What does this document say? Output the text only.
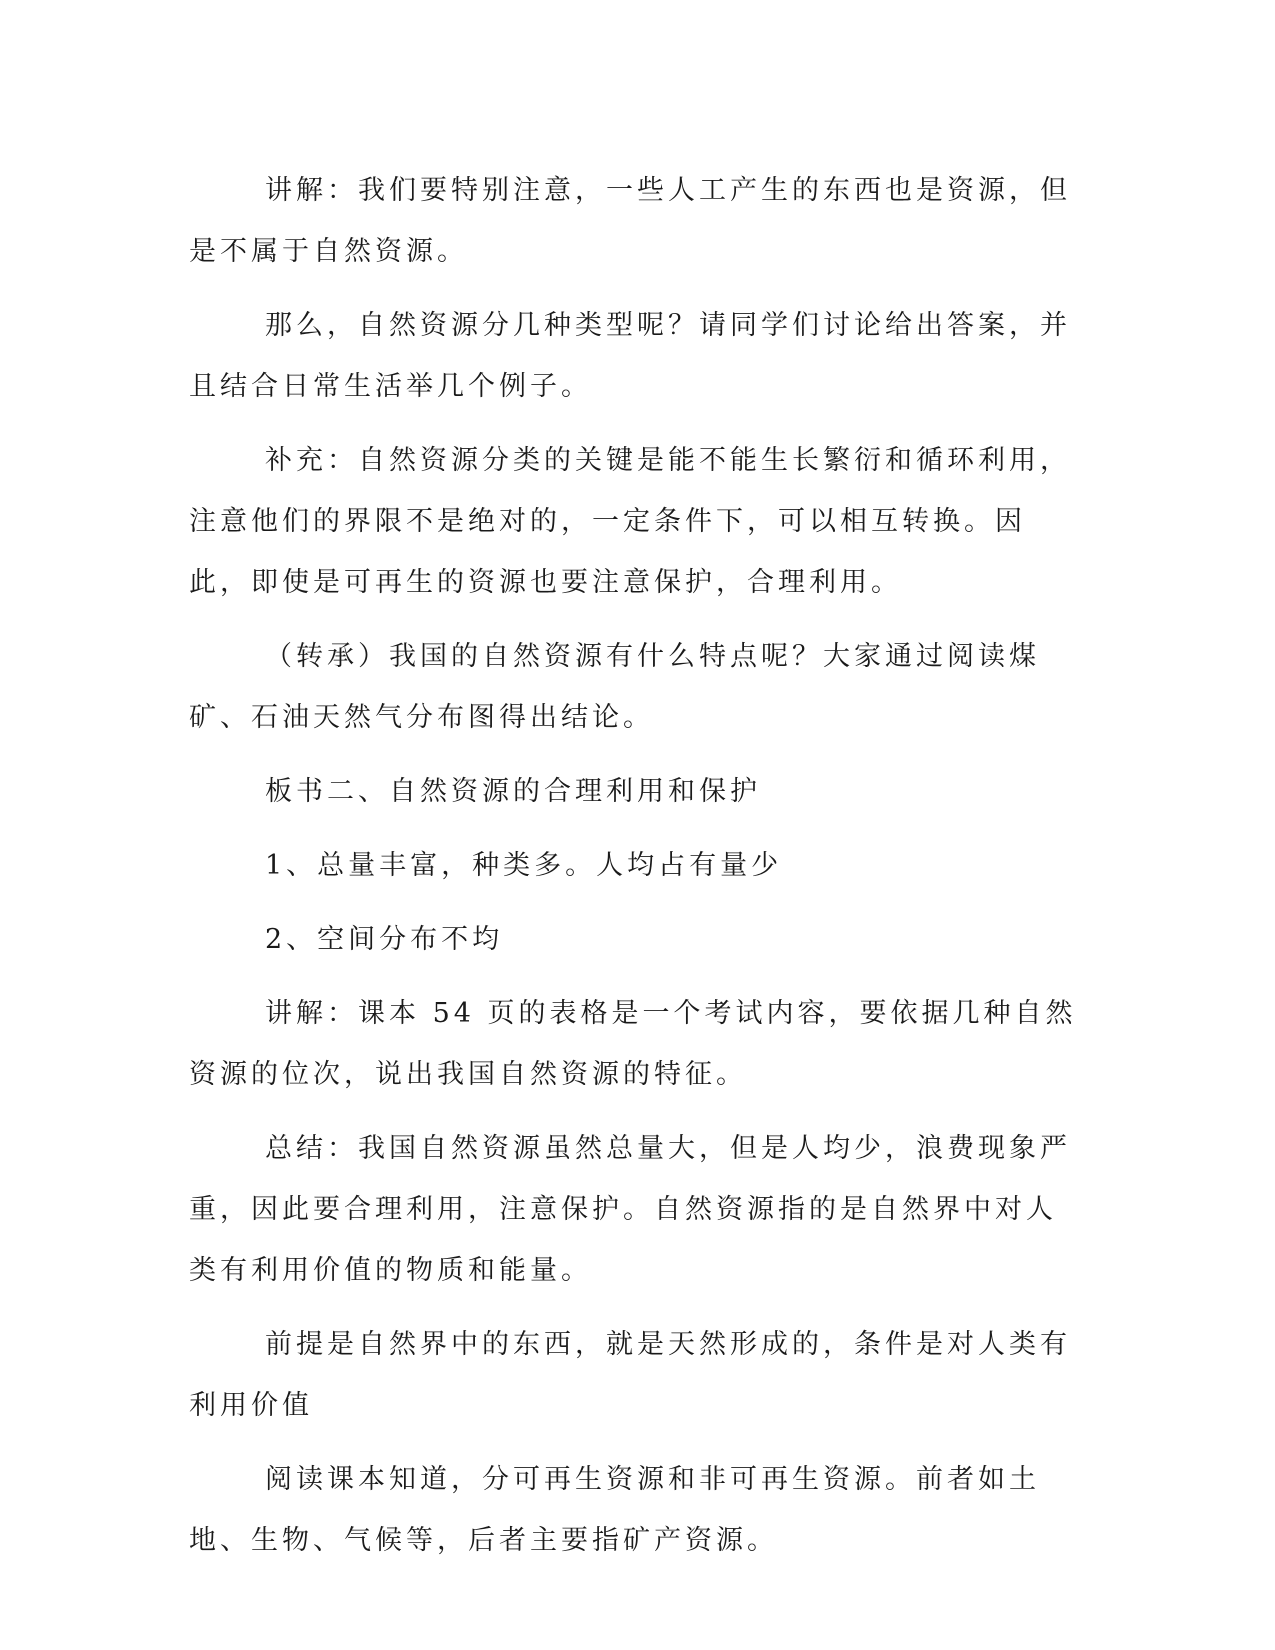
讲解：我们要特别注意，一些人工产生的东西也是资源，但是不属于自然资源。

那么，自然资源分几种类型呢？请同学们讨论给出答案，并且结合日常生活举几个例子。

补充：自然资源分类的关键是能不能生长繁衍和循环利用，注意他们的界限不是绝对的，一定条件下，可以相互转换。因此，即使是可再生的资源也要注意保护，合理利用。

（转承）我国的自然资源有什么特点呢？大家通过阅读煤矿、石油天然气分布图得出结论。

板书二、自然资源的合理利用和保护

1、总量丰富，种类多。人均占有量少

2、空间分布不均

讲解：课本 54 页的表格是一个考试内容，要依据几种自然资源的位次，说出我国自然资源的特征。

总结：我国自然资源虽然总量大，但是人均少，浪费现象严重，因此要合理利用，注意保护。自然资源指的是自然界中对人类有利用价值的物质和能量。

前提是自然界中的东西，就是天然形成的，条件是对人类有利用价值

阅读课本知道，分可再生资源和非可再生资源。前者如土地、生物、气候等，后者主要指矿产资源。
